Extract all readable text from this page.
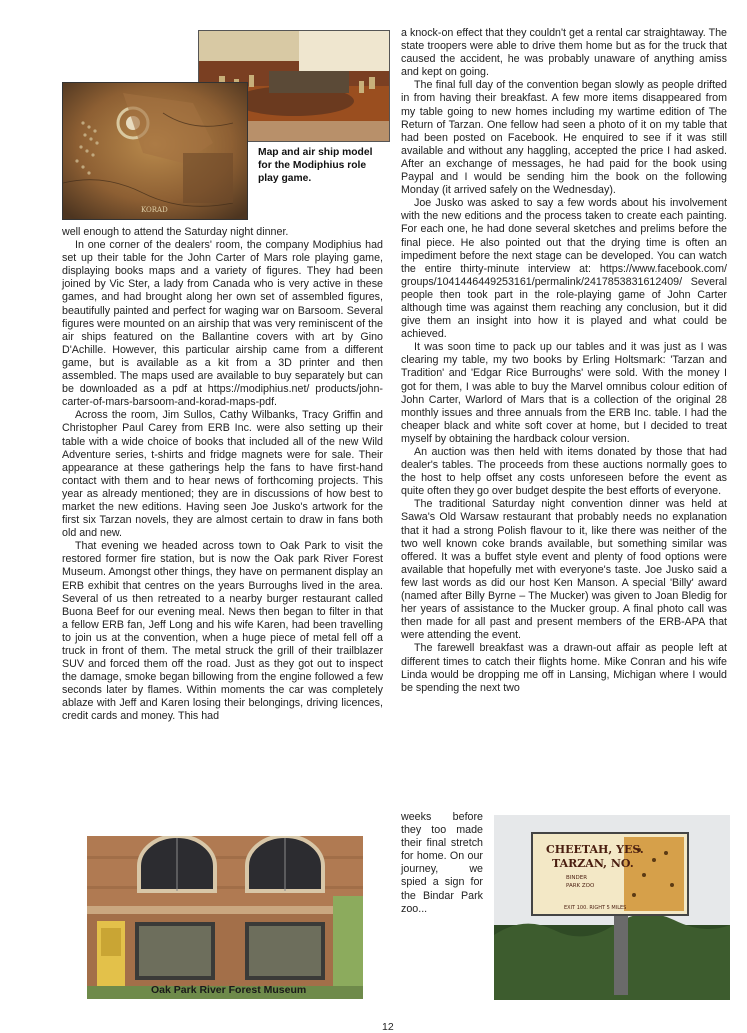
KORAD
Map and air ship model for the Modiphius role play game.

well enough to attend the Saturday night dinner.

In one corner of the dealers' room, the company Modiphius had set up their table for the John Carter of Mars role playing game, displaying books maps and a variety of figures. They had been joined by Vic Ster, a lady from Canada who is very active in these games, and had brought along her own set of assembled figures, beautifully painted and perfect for waging war on Barsoom. Several figures were mounted on an airship that was very reminiscent of the air ships featured on the Ballantine covers with art by Gino D'Achille. However, this particular airship came from a different game, but is available as a kit from a 3D printer and then assembled. The maps used are available to buy separately but can be downloaded as a pdf at https://modiphius.net/ products/john-carter-of-mars-barsoom-and-korad-maps-pdf.

Across the room, Jim Sullos, Cathy Wilbanks, Tracy Griffin and Christopher Paul Carey from ERB Inc. were also setting up their table with a wide choice of books that included all of the new Wild Adventure series, t-shirts and fridge magnets were for sale. Their appearance at these gatherings help the fans to have first-hand contact with them and to hear news of forthcoming projects. This year as already mentioned; they are in discussions of how best to market the new editions. Having seen Joe Jusko's artwork for the first six Tarzan novels, they are almost certain to draw in fans both old and new.

That evening we headed across town to Oak Park to visit the restored former fire station, but is now the Oak park River Forest Museum. Amongst other things, they have on permanent display an ERB exhibit that centres on the years Burroughs lived in the area. Several of us then retreated to a nearby burger restaurant called Buona Beef for our evening meal. News then began to filter in that a fellow ERB fan, Jeff Long and his wife Karen, had been travelling to join us at the convention, when a huge piece of metal fell off a truck in front of them. The metal struck the grill of their trailblazer SUV and forced them off the road. Just as they got out to inspect the damage, smoke began billowing from the engine followed a few seconds later by flames. Within moments the car was completely ablaze with Jeff and Karen losing their belongings, driving licences, credit cards and money. This had

a knock-on effect that they couldn't get a rental car straightaway. The state troopers were able to drive them home but as for the truck that caused the accident, he was probably unaware of anything amiss and kept on going.

The final full day of the convention began slowly as people drifted in from having their breakfast. A few more items disappeared from my table going to new homes including my wartime edition of The Return of Tarzan. One fellow had seen a photo of it on my table that had been posted on Facebook. He enquired to see if it was still available and without any haggling, accepted the price I had asked. After an exchange of messages, he had paid for the book using Paypal and I would be sending him the book on the following Monday (it arrived safely on the Wednesday).

Joe Jusko was asked to say a few words about his involvement with the new editions and the process taken to create each painting. For each one, he had done several sketches and prelims before the final piece. He also pointed out that the drying time is often an impediment before the next stage can be developed. You can watch the entire thirty-minute interview at: https://www.facebook.com/ groups/1041446449253161/permalink/2417853831612409/ Several people then took part in the role-playing game of John Carter although time was against them reaching any conclusion, but it did give them an insight into how it is played and what could be achieved.

It was soon time to pack up our tables and it was just as I was clearing my table, my two books by Erling Holtsmark: 'Tarzan and Tradition' and 'Edgar Rice Burroughs' were sold. With the money I got for them, I was able to buy the Marvel omnibus colour edition of John Carter, Warlord of Mars that is a collection of the original 28 monthly issues and three annuals from the ERB Inc. table. I had the cheaper black and white soft cover at home, but I decided to treat myself by obtaining the hardback colour version.

An auction was then held with items donated by those that had dealer's tables. The proceeds from these auctions normally goes to the host to help offset any costs unforeseen before the event as quite often they go over budget despite the best efforts of everyone.

The traditional Saturday night convention dinner was held at Sawa's Old Warsaw restaurant that probably needs no explanation that it had a strong Polish flavour to it, like there was neither of the two well known coke brands available, but something similar was offered. It was a buffet style event and plenty of food options were available that hopefully met with everyone's taste. Joe Jusko said a few last words as did our host Ken Manson. A special 'Billy' award (named after Billy Byrne – The Mucker) was given to Joan Bledig for her years of assistance to the Mucker group. A final photo call was then made for all past and present members of the ERB-APA that were attending the event.

The farewell breakfast was a drawn-out affair as people left at different times to catch their flights home. Mike Conran and his wife Linda would be dropping me off in Lansing, Michigan where I would be spending the next two

weeks before they too made their final stretch for home. On our journey, we spied a sign for the Bindar Park zoo...

Oak Park River Forest Museum
CHEETAH, YES.
TARZAN, NO.
BINDER
PARK ZOO
EXIT 100. RIGHT 5 MILES
12
